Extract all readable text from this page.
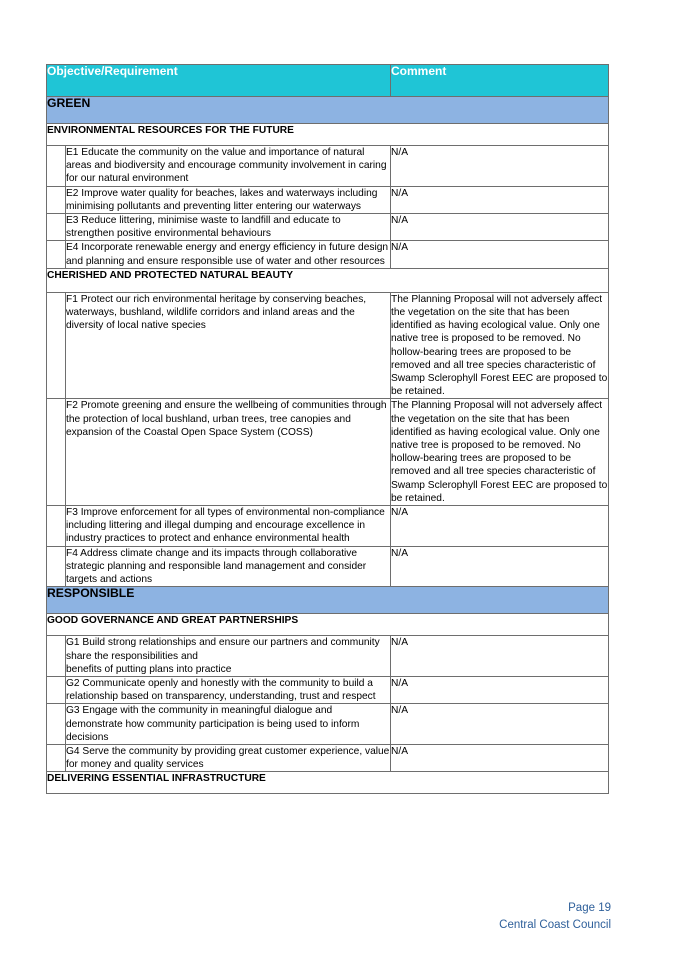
Objective/Requirement		Comment
GREEN		
ENVIRONMENTAL RESOURCES FOR THE FUTURE		
	E1 Educate the community on the value and importance of natural areas and biodiversity and encourage community involvement in caring for our natural environment	N/A
	E2 Improve water quality for beaches, lakes and waterways including minimising pollutants and preventing litter entering our waterways	N/A
	E3 Reduce littering, minimise waste to landfill and educate to strengthen positive environmental behaviours	N/A
	E4 Incorporate renewable energy and energy efficiency in future design and planning and ensure responsible use of water and other resources	N/A
CHERISHED AND PROTECTED NATURAL BEAUTY		
	F1 Protect our rich environmental heritage by conserving beaches, waterways, bushland, wildlife corridors and inland areas and the diversity of local native species	The Planning Proposal will not adversely affect the vegetation on the site that has been identified as having ecological value. Only one native tree is proposed to be removed. No hollow-bearing trees are proposed to be removed and all tree species characteristic of Swamp Sclerophyll Forest EEC are proposed to be retained.
	F2 Promote greening and ensure the wellbeing of communities through the protection of local bushland, urban trees, tree canopies and expansion of the Coastal Open Space System (COSS)	The Planning Proposal will not adversely affect the vegetation on the site that has been identified as having ecological value. Only one native tree is proposed to be removed. No hollow-bearing trees are proposed to be removed and all tree species characteristic of Swamp Sclerophyll Forest EEC are proposed to be retained.
	F3 Improve enforcement for all types of environmental non-compliance including littering and illegal dumping and encourage excellence in industry practices to protect and enhance environmental health	N/A
	F4 Address climate change and its impacts through collaborative strategic planning and responsible land management and consider targets and actions	N/A
RESPONSIBLE		
GOOD GOVERNANCE AND GREAT PARTNERSHIPS		
	G1 Build strong relationships and ensure our partners and community share the responsibilities and
benefits of putting plans into practice	N/A
	G2 Communicate openly and honestly with the community to build a relationship based on transparency, understanding, trust and respect	N/A
	G3 Engage with the community in meaningful dialogue and demonstrate how community participation is being used to inform decisions	N/A
	G4 Serve the community by providing great customer experience, value for money and quality services	N/A
DELIVERING ESSENTIAL INFRASTRUCTURE		
Page 19
Central Coast Council
